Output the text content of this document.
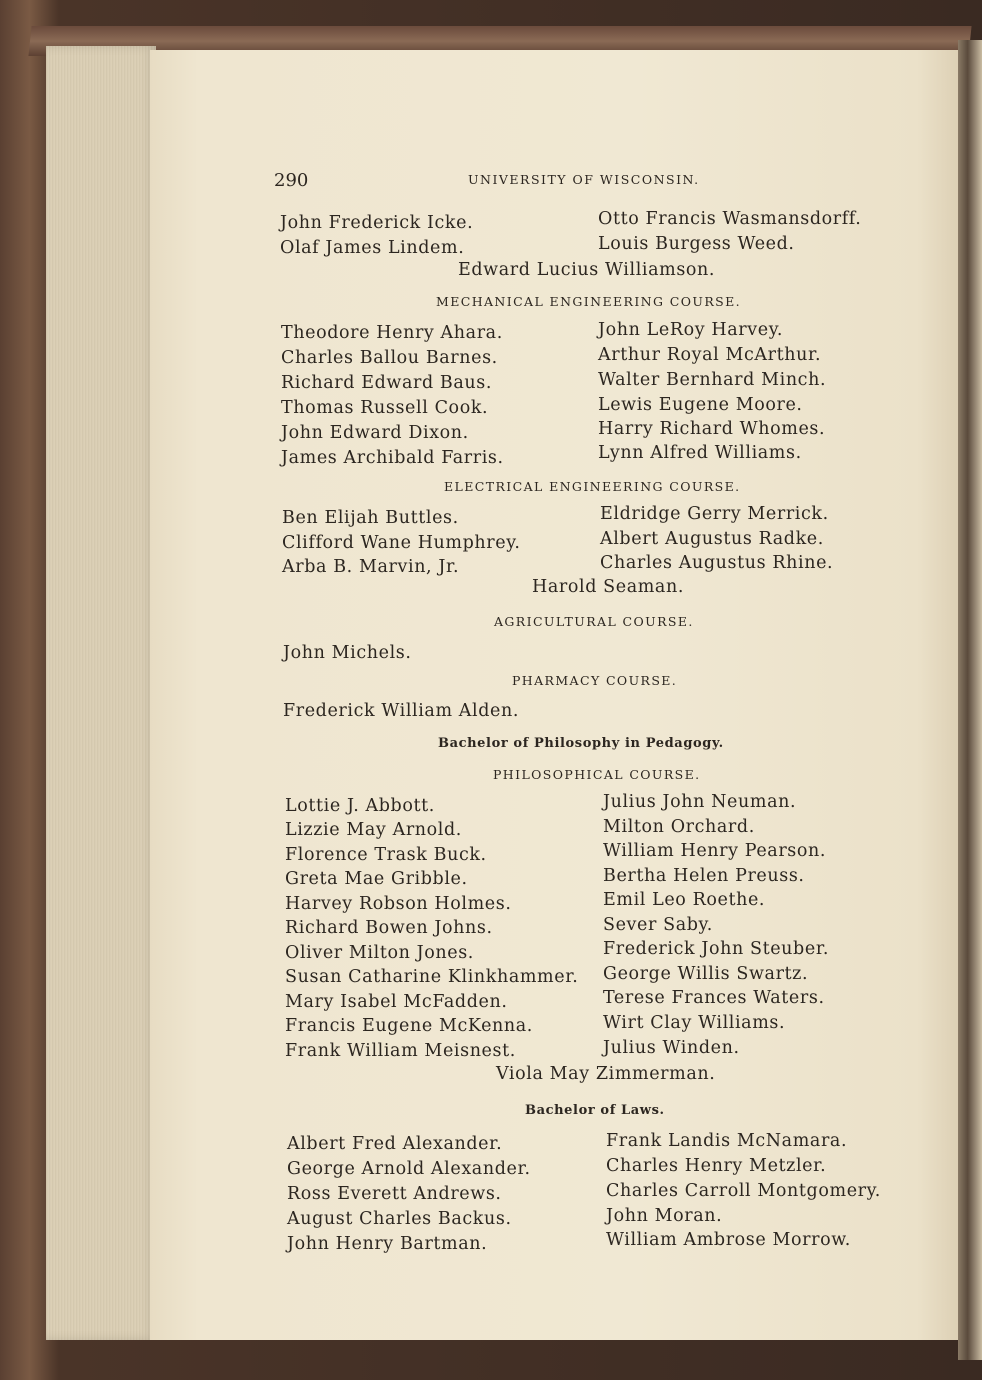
290	UNIVERSITY OF WISCONSIN.
John Frederick Icke.
Olaf James Lindem.
Otto Francis Wasmansdorff.
Louis Burgess Weed.
Edward Lucius Williamson.
MECHANICAL ENGINEERING COURSE.
Theodore Henry Ahara.
Charles Ballou Barnes.
Richard Edward Baus.
Thomas Russell Cook.
John Edward Dixon.
James Archibald Farris.
John LeRoy Harvey.
Arthur Royal McArthur.
Walter Bernhard Minch.
Lewis Eugene Moore.
Harry Richard Whomes.
Lynn Alfred Williams.
ELECTRICAL ENGINEERING COURSE.
Ben Elijah Buttles.
Clifford Wane Humphrey.
Arba B. Marvin, Jr.
Eldridge Gerry Merrick.
Albert Augustus Radke.
Charles Augustus Rhine.
Harold Seaman.
AGRICULTURAL COURSE.
John Michels.
PHARMACY COURSE.
Frederick William Alden.
Bachelor of Philosophy in Pedagogy.
PHILOSOPHICAL COURSE.
Lottie J. Abbott.
Lizzie May Arnold.
Florence Trask Buck.
Greta Mae Gribble.
Harvey Robson Holmes.
Richard Bowen Johns.
Oliver Milton Jones.
Susan Catharine Klinkhammer.
Mary Isabel McFadden.
Francis Eugene McKenna.
Frank William Meisnest.
Julius John Neuman.
Milton Orchard.
William Henry Pearson.
Bertha Helen Preuss.
Emil Leo Roethe.
Sever Saby.
Frederick John Steuber.
George Willis Swartz.
Terese Frances Waters.
Wirt Clay Williams.
Julius Winden.
Viola May Zimmerman.
Bachelor of Laws.
Albert Fred Alexander.
George Arnold Alexander.
Ross Everett Andrews.
August Charles Backus.
John Henry Bartman.
Frank Landis McNamara.
Charles Henry Metzler.
Charles Carroll Montgomery.
John Moran.
William Ambrose Morrow.
